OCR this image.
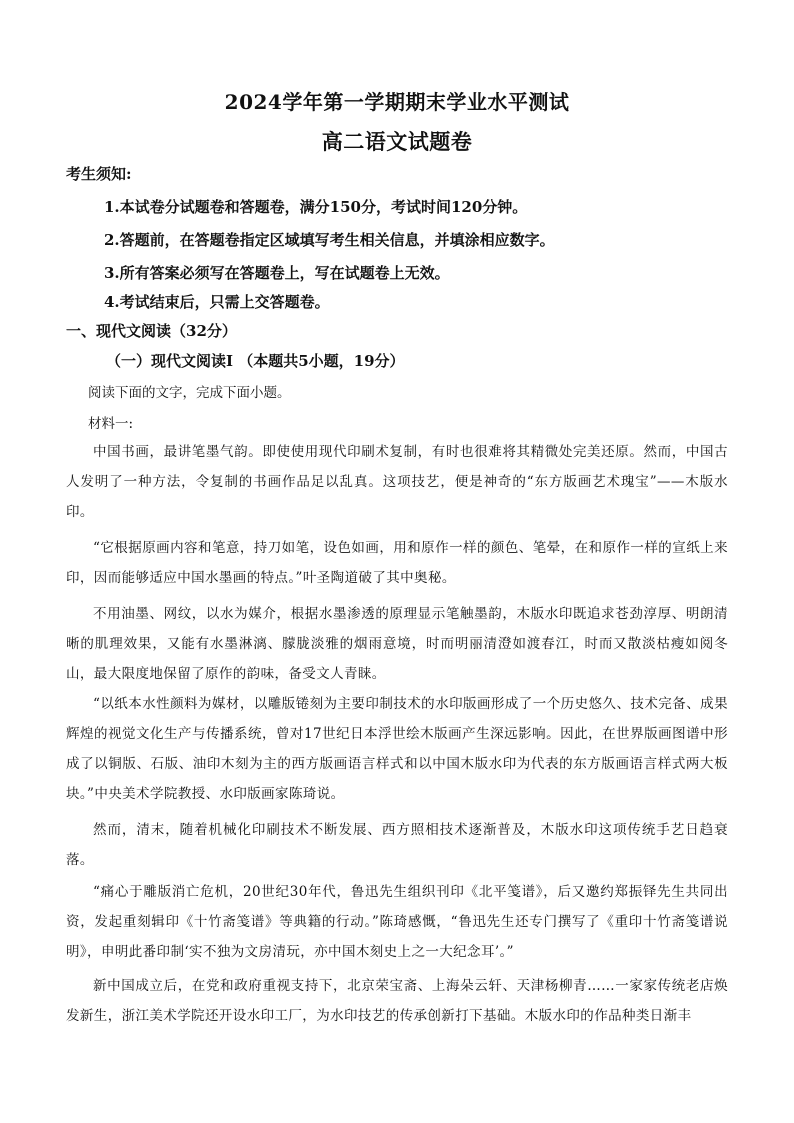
2024学年第一学期期末学业水平测试
高二语文试题卷
考生须知:
1.本试卷分试题卷和答题卷，满分150分，考试时间120分钟。
2.答题前，在答题卷指定区域填写考生相关信息，并填涂相应数字。
3.所有答案必须写在答题卷上，写在试题卷上无效。
4.考试结束后，只需上交答题卷。
一、现代文阅读（32分）
（一）现代文阅读Ⅰ （本题共5小题，19分）
阅读下面的文字，完成下面小题。
材料一:
中国书画，最讲笔墨气韵。即使使用现代印刷术复制，有时也很难将其精微处完美还原。然而，中国古人发明了一种方法，令复制的书画作品足以乱真。这项技艺，便是神奇的“东方版画艺术瑰宝”——木版水印。
“它根据原画内容和笔意，持刀如笔，设色如画，用和原作一样的颜色、笔晕，在和原作一样的宣纸上来印，因而能够适应中国水墨画的特点。”叶圣陶道破了其中奥秘。
不用油墨、网纹，以水为媒介，根据水墨渗透的原理显示笔触墨韵，木版水印既追求苍劲淳厚、明朗清晰的肌理效果，又能有水墨淋漓、朦胧淡雅的烟雨意境，时而明丽清澄如渡春江，时而又散淡枯瘦如阅冬山，最大限度地保留了原作的韵味，备受文人青睐。
“以纸本水性颜料为媒材，以雕版锩刻为主要印制技术的水印版画形成了一个历史悠久、技术完备、成果辉煌的视觉文化生产与传播系统，曾对17世纪日本浮世绘木版画产生深远影响。因此，在世界版画图谱中形成了以铜版、石版、油印木刻为主的西方版画语言样式和以中国木版水印为代表的东方版画语言样式两大板块。”中央美术学院教授、水印版画家陈琦说。
然而，清末，随着机械化印刷技术不断发展、西方照相技术逐渐普及，木版水印这项传统手艺日趋衰落。
“痛心于雕版消亡危机，20世纪30年代，鲁迅先生组织刊印《北平笺谱》，后又邀约郑振铎先生共同出资，发起重刻辑印《十竹斋笺谱》等典籍的行动。”陈琦感慨，“鲁迅先生还专门撰写了《重印十竹斋笺谱说明》，申明此番印制‘实不独为文房清玩，亦中国木刻史上之一大纪念耳’。”
新中国成立后，在党和政府重视支持下，北京荣宝斋、上海朵云轩、天津杨柳青……一家家传统老店焕发新生，浙江美术学院还开设水印工厂，为水印技艺的传承创新打下基础。木版水印的作品种类日渐丰
